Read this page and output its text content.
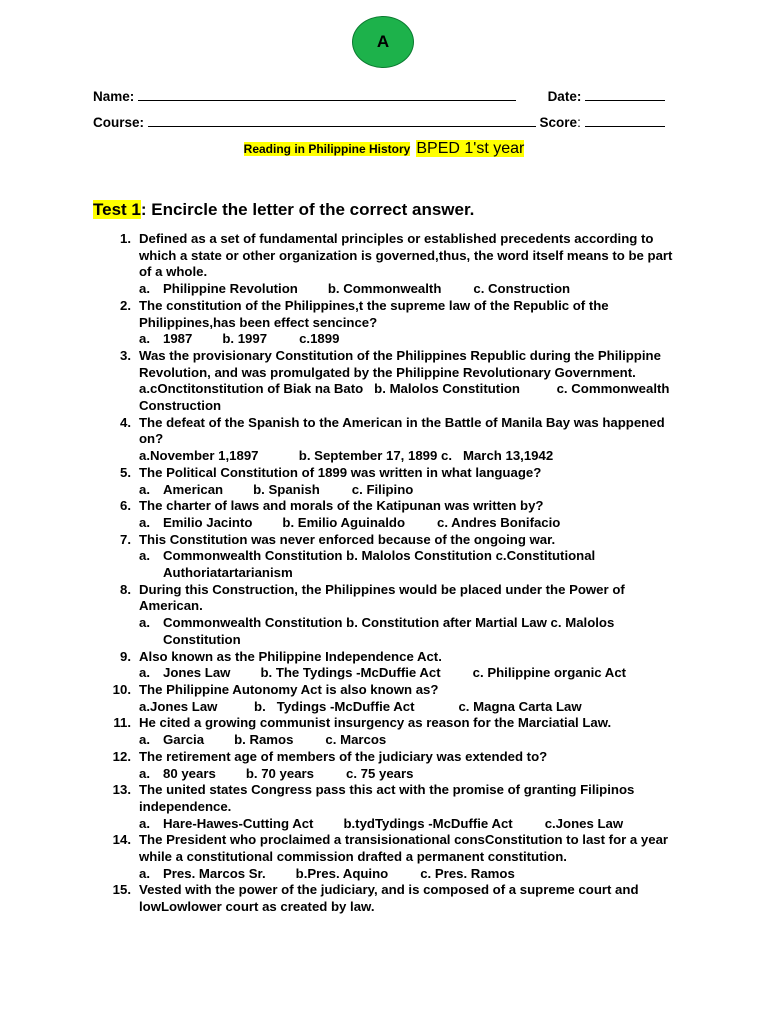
A
Name:	Date:
Course:	Score:
Reading in Philippine History BPED 1'st year
Test 1: Encircle the letter of the correct answer.
1. Defined as a set of fundamental principles or established precedents according to which a state or other organization is governed,thus, the word itself means to be part of a whole.
a. Philippine Revolution b. Commonwealth c. Construction
2. The constitution of the Philippines,t the supreme law of the Republic of the Philippines,has been effect sencince?
a. 1987 b. 1997 c.1899
3. Was the provisionary Constitution of the Philippines Republic during the Philippine Revolution, and was promulgated by the Philippine Revolutionary Government.
a.cOnctitonstitution of Biak na Bato   b. Malolos Constitution          c. Commonwealth Construction
4. The defeat of the Spanish to the American in the Battle of Manila Bay was happened on?
a.November 1,1897           b. September 17, 1899 c.   March 13,1942
5. The Political Constitution of 1899 was written in what language?
a. American b. Spanish c. Filipino
6. The charter of laws and morals of the Katipunan was written by?
a. Emilio Jacinto b. Emilio Aguinaldo c. Andres Bonifacio
7. This Constitution was never enforced because of the ongoing war.
a. Commonwealth Constitution b. Malolos Constitution c.Constitutional Authoriatartarianism
8. During this Construction, the Philippines would be placed under the Power of American.
a. Commonwealth Constitution b. Constitution after Martial Law c. Malolos Constitution
9. Also known as the Philippine Independence Act.
a. Jones Law b. The Tydings -McDuffie Act c. Philippine organic Act
10. The Philippine Autonomy Act is also known as?
a.Jones Law          b.   Tydings -McDuffie Act            c. Magna Carta Law
11. He cited a growing communist insurgency as reason for the Marciatial Law.
a. Garcia b. Ramos c. Marcos
12. The retirement age of members of the judiciary was extended to?
a. 80 years b. 70 years c. 75 years
13. The united states Congress pass this act with the promise of granting Filipinos independence.
a. Hare-Hawes-Cutting Act b.tydTydings -McDuffie Act c.Jones Law
14. The President who proclaimed a transisionational consConstitution to last for a year while a constitutional commission drafted a permanent constitution.
a. Pres. Marcos Sr. b.Pres. Aquino c. Pres. Ramos
15. Vested with the power of the judiciary, and is composed of a supreme court and lowLowlower court as created by law.
